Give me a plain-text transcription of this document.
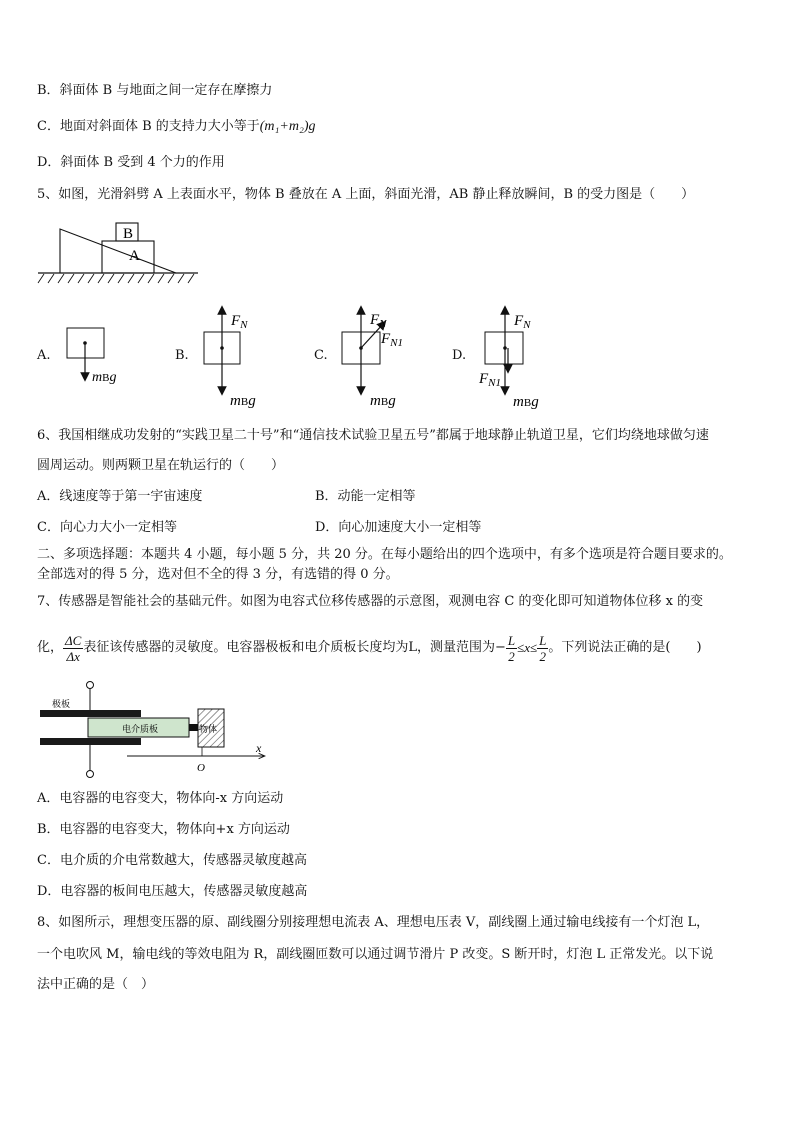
B．斜面体 B 与地面之间一定存在摩擦力
C．地面对斜面体 B 的支持力大小等于(m₁+m₂)g
D．斜面体 B 受到 4 个力的作用
5、如图，光滑斜劈 A 上表面水平，物体 B 叠放在 A 上面，斜面光滑，AB 静止释放瞬间，B 的受力图是（　　）
B
A
A.	B.	C.	D.
mBg
$F_N$
mBg
$F_N$
$F_{N1}$
mBg
$F_N$
$F_{N1}$
mBg
6、我国相继成功发射的“实践卫星二十号”和“通信技术试验卫星五号”都属于地球静止轨道卫星，它们均绕地球做匀速
圆周运动。则两颗卫星在轨运行的（　　）
A．线速度等于第一宇宙速度	B．动能一定相等
C．向心力大小一定相等	D．向心加速度大小一定相等
二、多项选择题：本题共 4 小题，每小题 5 分，共 20 分。在每小题给出的四个选项中，有多个选项是符合题目要求的。
全部选对的得 5 分，选对但不全的得 3 分，有选错的得 0 分。
7、传感器是智能社会的基础元件。如图为电容式位移传感器的示意图，观测电容 C 的变化即可知道物体位移 x 的变
化， $\frac{\Delta C}{\Delta x}$ 表征该传感器的灵敏度。电容器极板和电介质板长度均为L，测量范围为− $\frac{L}{2} \le x\le \frac{L}{2}$ 。下列说法正确的是(　　)
极板
电介质板	物体
x
O
A．电容器的电容变大，物体向-x 方向运动
B．电容器的电容变大，物体向+x 方向运动
C．电介质的介电常数越大，传感器灵敏度越高
D．电容器的板间电压越大，传感器灵敏度越高
8、如图所示，理想变压器的原、副线圈分别接理想电流表 A、理想电压表 V，副线圈上通过输电线接有一个灯泡 L，
一个电吹风 M，输电线的等效电阻为 R，副线圈匝数可以通过调节滑片 P 改变。S 断开时，灯泡 L 正常发光。以下说
法中正确的是（　）
